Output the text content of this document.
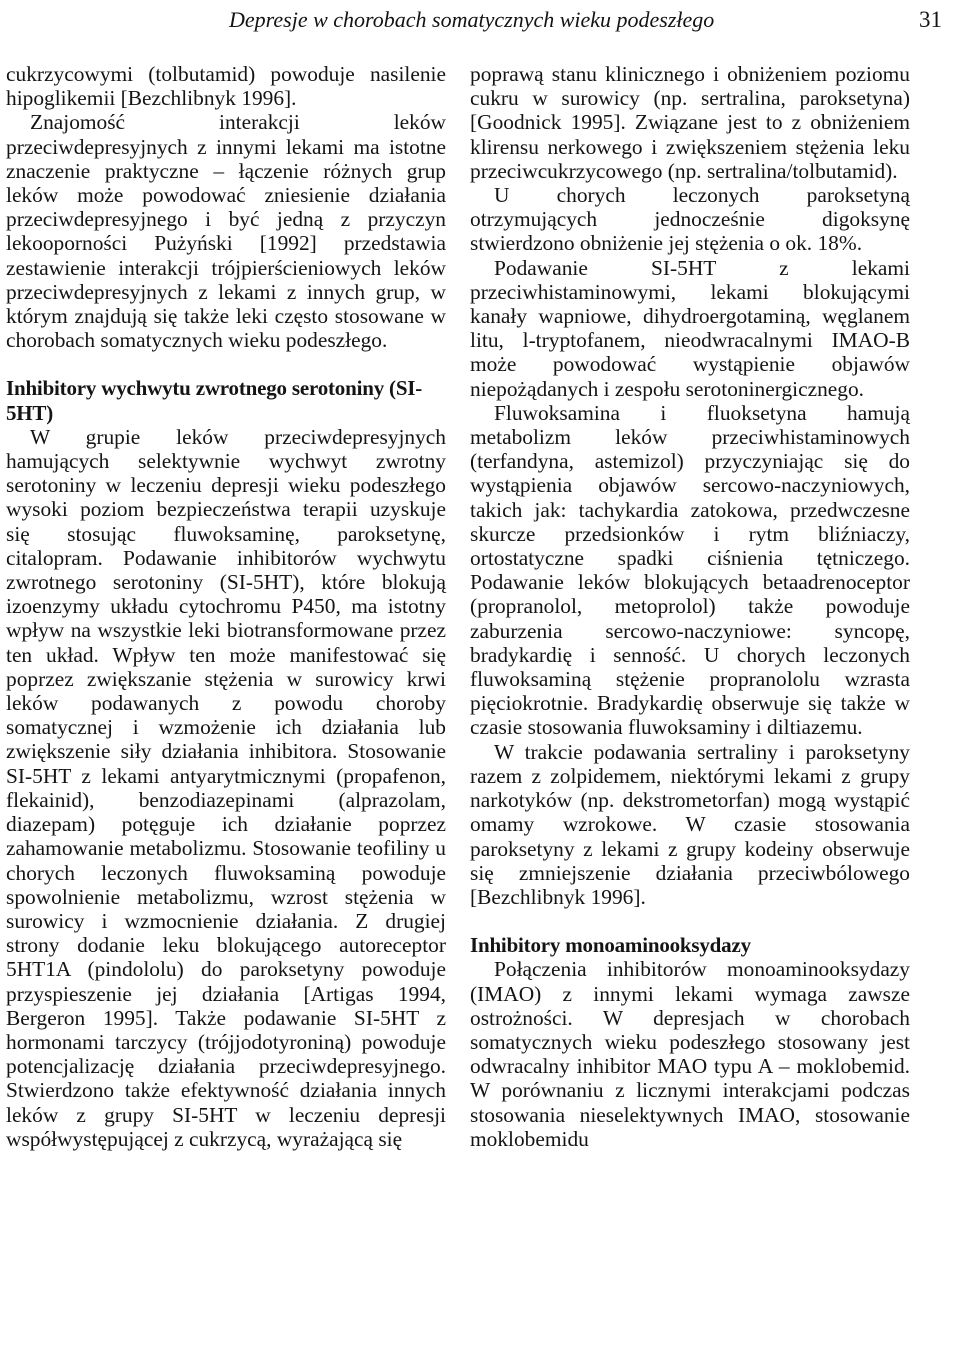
Depresje w chorobach somatycznych wieku podeszłego	31

cukrzycowymi (tolbutamid) powoduje nasilenie hipoglikemii [Bezchlibnyk 1996].

Znajomość interakcji leków przeciwdepresyjnych z innymi lekami ma istotne znaczenie praktyczne – łączenie różnych grup leków może powodować zniesienie działania przeciwdepresyjnego i być jedną z przyczyn lekooporności Pużyński [1992] przedstawia zestawienie interakcji trójpierścieniowych leków przeciwdepresyjnych z lekami z innych grup, w którym znajdują się także leki często stosowane w chorobach somatycznych wieku podeszłego.

Inhibitory wychwytu zwrotnego serotoniny (SI-5HT)

W grupie leków przeciwdepresyjnych hamujących selektywnie wychwyt zwrotny serotoniny w leczeniu depresji wieku podeszłego wysoki poziom bezpieczeństwa terapii uzyskuje się stosując fluwoksaminę, paroksetynę, citalopram. Podawanie inhibitorów wychwytu zwrotnego serotoniny (SI-5HT), które blokują izoenzymy układu cytochromu P450, ma istotny wpływ na wszystkie leki biotransformowane przez ten układ. Wpływ ten może manifestować się poprzez zwiększanie stężenia w surowicy krwi leków podawanych z powodu choroby somatycznej i wzmożenie ich działania lub zwiększenie siły działania inhibitora. Stosowanie SI-5HT z lekami antyarytmicznymi (propafenon, flekainid), benzodiazepinami (alprazolam, diazepam) potęguje ich działanie poprzez zahamowanie metabolizmu. Stosowanie teofiliny u chorych leczonych fluwoksaminą powoduje spowolnienie metabolizmu, wzrost stężenia w surowicy i wzmocnienie działania. Z drugiej strony dodanie leku blokującego autoreceptor 5HT1A (pindololu) do paroksetyny powoduje przyspieszenie jej działania [Artigas 1994, Bergeron 1995]. Także podawanie SI-5HT z hormonami tarczycy (trójjodotyroniną) powoduje potencjalizację działania przeciwdepresyjnego. Stwierdzono także efektywność działania innych leków z grupy SI-5HT w leczeniu depresji współwystępującej z cukrzycą, wyrażającą się

poprawą stanu klinicznego i obniżeniem poziomu cukru w surowicy (np. sertralina, paroksetyna) [Goodnick 1995]. Związane jest to z obniżeniem klirensu nerkowego i zwiększeniem stężenia leku przeciwcukrzycowego (np. sertralina/tolbutamid).

U chorych leczonych paroksetyną otrzymujących jednocześnie digoksynę stwierdzono obniżenie jej stężenia o ok. 18%.

Podawanie SI-5HT z lekami przeciwhistaminowymi, lekami blokującymi kanały wapniowe, dihydroergotaminą, węglanem litu, l-tryptofanem, nieodwracalnymi IMAO-B może powodować wystąpienie objawów niepożądanych i zespołu serotoninergicznego.

Fluwoksamina i fluoksetyna hamują metabolizm leków przeciwhistaminowych (terfandyna, astemizol) przyczyniając się do wystąpienia objawów sercowo-naczyniowych, takich jak: tachykardia zatokowa, przedwczesne skurcze przedsionków i rytm bliźniaczy, ortostatyczne spadki ciśnienia tętniczego. Podawanie leków blokujących betaadrenoceptor (propranolol, metoprolol) także powoduje zaburzenia sercowo-naczyniowe: syncopę, bradykardię i senność. U chorych leczonych fluwoksaminą stężenie propranololu wzrasta pięciokrotnie. Bradykardię obserwuje się także w czasie stosowania fluwoksaminy i diltiazemu.

W trakcie podawania sertraliny i paroksetyny razem z zolpidemem, niektórymi lekami z grupy narkotyków (np. dekstrometorfan) mogą wystąpić omamy wzrokowe. W czasie stosowania paroksetyny z lekami z grupy kodeiny obserwuje się zmniejszenie działania przeciwbólowego [Bezchlibnyk 1996].

Inhibitory monoaminooksydazy

Połączenia inhibitorów monoaminooksydazy (IMAO) z innymi lekami wymaga zawsze ostrożności. W depresjach w chorobach somatycznych wieku podeszłego stosowany jest odwracalny inhibitor MAO typu A – moklobemid. W porównaniu z licznymi interakcjami podczas stosowania nieselektywnych IMAO, stosowanie moklobemidu
